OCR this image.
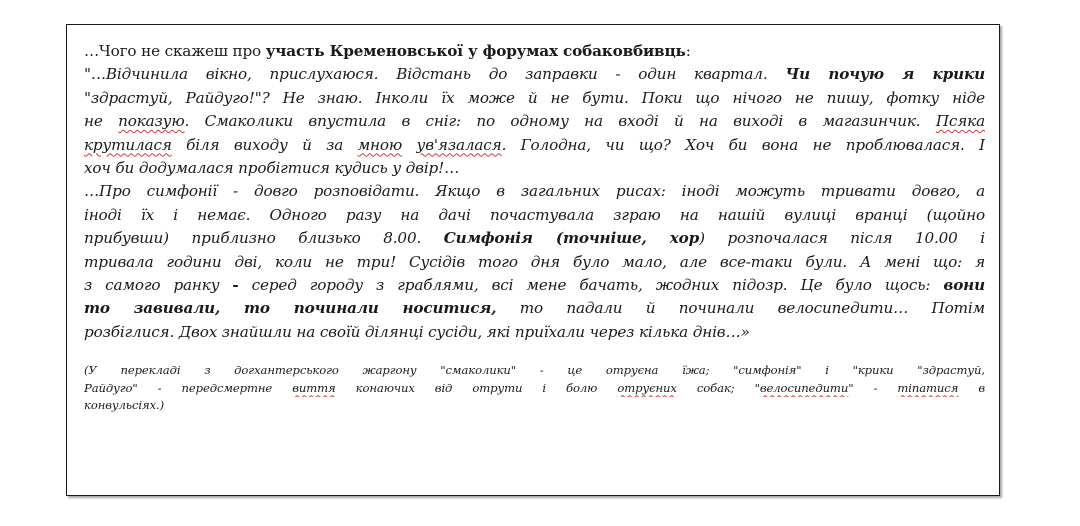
…Чого не скажеш про участь Кременовської у форумах собаковбивць:
"…Відчинила вікно, прислухаюся. Відстань до заправки - один квартал. Чи почую я крики
"здрастуй, Райдуго!"? Не знаю. Інколи їх може й не бути. Поки що нічого не пишу, фотку ніде
не показую. Смаколики впустила в сніг: по одному на вході й на виході в магазинчик. Псяка
крутилася біля виходу й за мною ув'язалася. Голодна, чи що? Хоч би вона не проблювалася. І
хоч би додумалася пробігтися кудись у двір!…
…Про симфонії - довго розповідати. Якщо в загальних рисах: іноді можуть тривати довго, а
іноді їх і немає. Одного разу на дачі почастувала зграю на нашій вулиці вранці (щойно
прибувши) приблизно близько 8.00. Симфонія (точніше, хор) розпочалася після 10.00 і
тривала години дві, коли не три! Сусідів того дня було мало, але все-таки були. А мені що: я
з самого ранку - серед городу з граблями, всі мене бачать, жодних підозр. Це було щось: вони
то завивали, то починали носитися, то падали й починали велосипедити… Потім
розбіглися. Двох знайшли на своїй ділянці сусіди, які приїхали через кілька днів…»
(У перекладі з догхантерського жаргону "смаколики" - це отруєна їжа; "симфонія" і "крики "здрастуй,
Райдуго" - передсмертне виття конаючих від отрути і болю отруєних собак; "велосипедити" - тіпатися в
конвульсіях.)
